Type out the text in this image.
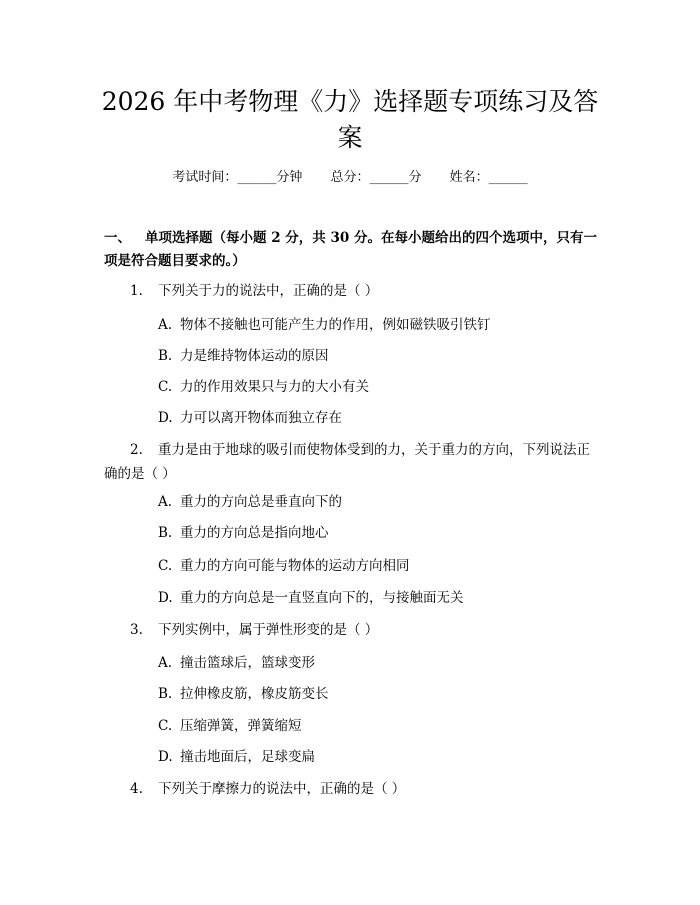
2026 年中考物理《力》选择题专项练习及答案
考试时间：______分钟 总分：______分 姓名：______

一、 单项选择题（每小题 2 分，共 30 分。在每小题给出的四个选项中，只有一项是符合题目要求的。）

1. 下列关于力的说法中，正确的是（ ）

A. 物体不接触也可能产生力的作用，例如磁铁吸引铁钉

B. 力是维持物体运动的原因

C. 力的作用效果只与力的大小有关

D. 力可以离开物体而独立存在

2. 重力是由于地球的吸引而使物体受到的力，关于重力的方向，下列说法正
确的是（ ）

A. 重力的方向总是垂直向下的

B. 重力的方向总是指向地心

C. 重力的方向可能与物体的运动方向相同

D. 重力的方向总是一直竖直向下的，与接触面无关

3. 下列实例中，属于弹性形变的是（ ）

A. 撞击篮球后，篮球变形

B. 拉伸橡皮筋，橡皮筋变长

C. 压缩弹簧，弹簧缩短

D. 撞击地面后，足球变扁

4. 下列关于摩擦力的说法中，正确的是（ ）
